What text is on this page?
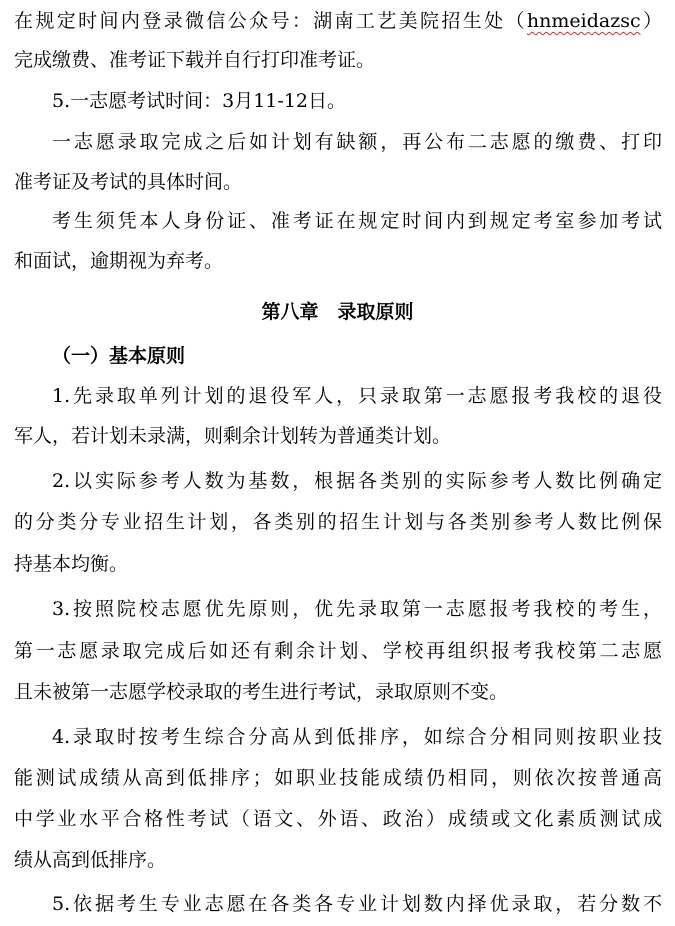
在规定时间内登录微信公众号：湖南工艺美院招生处（hnmeidazsc）
完成缴费、准考证下载并自行打印准考证。
5.一志愿考试时间：3月11-12日。
一志愿录取完成之后如计划有缺额，再公布二志愿的缴费、打印
准考证及考试的具体时间。
考生须凭本人身份证、准考证在规定时间内到规定考室参加考试
和面试，逾期视为弃考。
第八章　录取原则
（一）基本原则
1.先录取单列计划的退役军人，只录取第一志愿报考我校的退役
军人，若计划未录满，则剩余计划转为普通类计划。
2.以实际参考人数为基数，根据各类别的实际参考人数比例确定
的分类分专业招生计划，各类别的招生计划与各类别参考人数比例保
持基本均衡。
3.按照院校志愿优先原则，优先录取第一志愿报考我校的考生，
第一志愿录取完成后如还有剩余计划、学校再组织报考我校第二志愿
且未被第一志愿学校录取的考生进行考试，录取原则不变。
4.录取时按考生综合分高从到低排序，如综合分相同则按职业技
能测试成绩从高到低排序；如职业技能成绩仍相同，则依次按普通高
中学业水平合格性考试（语文、外语、政治）成绩或文化素质测试成
绩从高到低排序。
5.依据考生专业志愿在各类各专业计划数内择优录取，若分数不
